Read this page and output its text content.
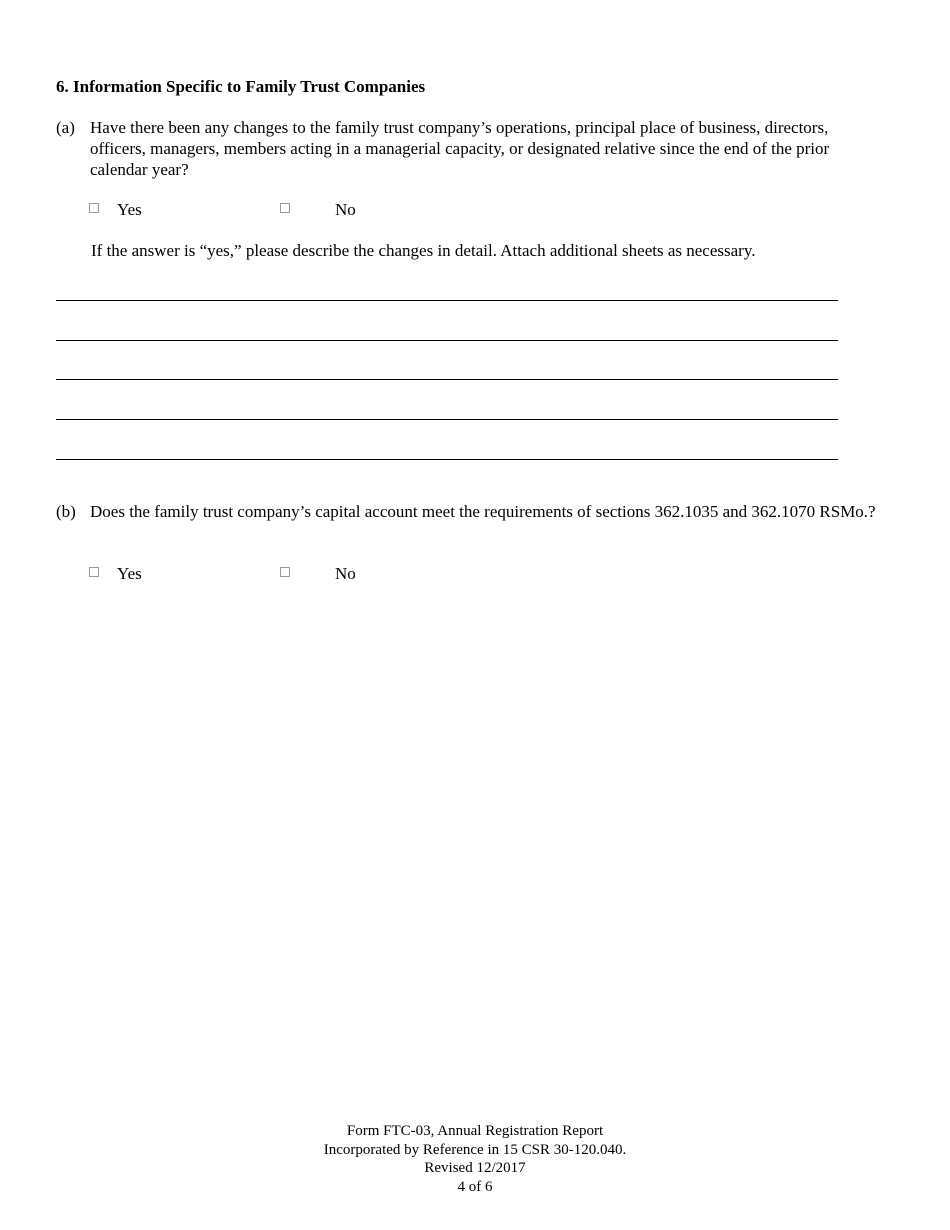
6. Information Specific to Family Trust Companies
(a) Have there been any changes to the family trust company’s operations, principal place of business, directors, officers, managers, members acting in a managerial capacity, or designated relative since the end of the prior calendar year?
Yes	No
If the answer is “yes,” please describe the changes in detail. Attach additional sheets as necessary.
(b) Does the family trust company’s capital account meet the requirements of sections 362.1035 and 362.1070 RSMo.?
Yes	No
Form FTC-03, Annual Registration Report
Incorporated by Reference in 15 CSR 30-120.040.
Revised 12/2017
4 of 6
